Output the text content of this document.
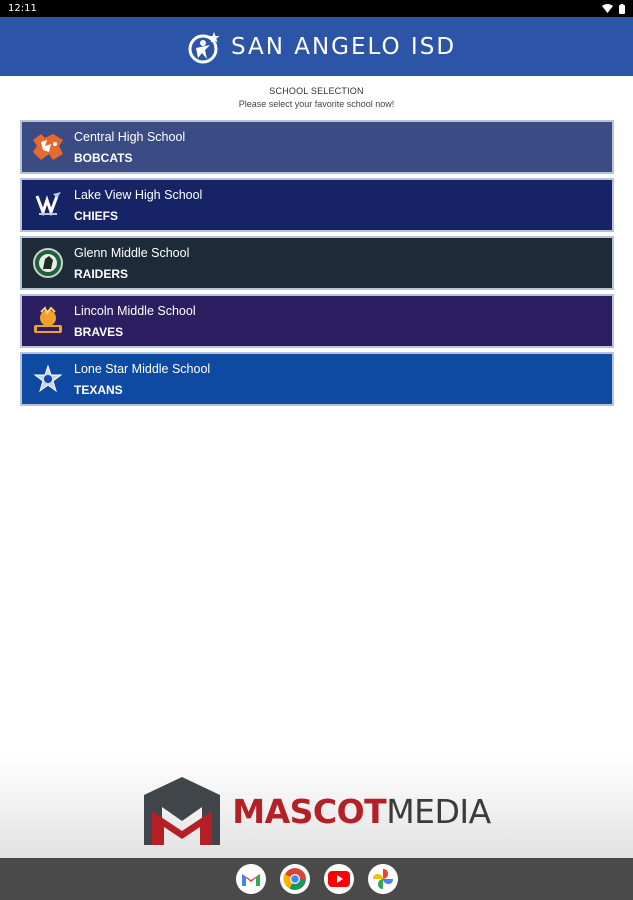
12:11
SAN ANGELO ISD
SCHOOL SELECTION
Please select your favorite school now!
Central High School
BOBCATS
Lake View High School
CHIEFS
Glenn Middle School
RAIDERS
Lincoln Middle School
BRAVES
Lone Star Middle School
TEXANS
MASCOTMEDIA
